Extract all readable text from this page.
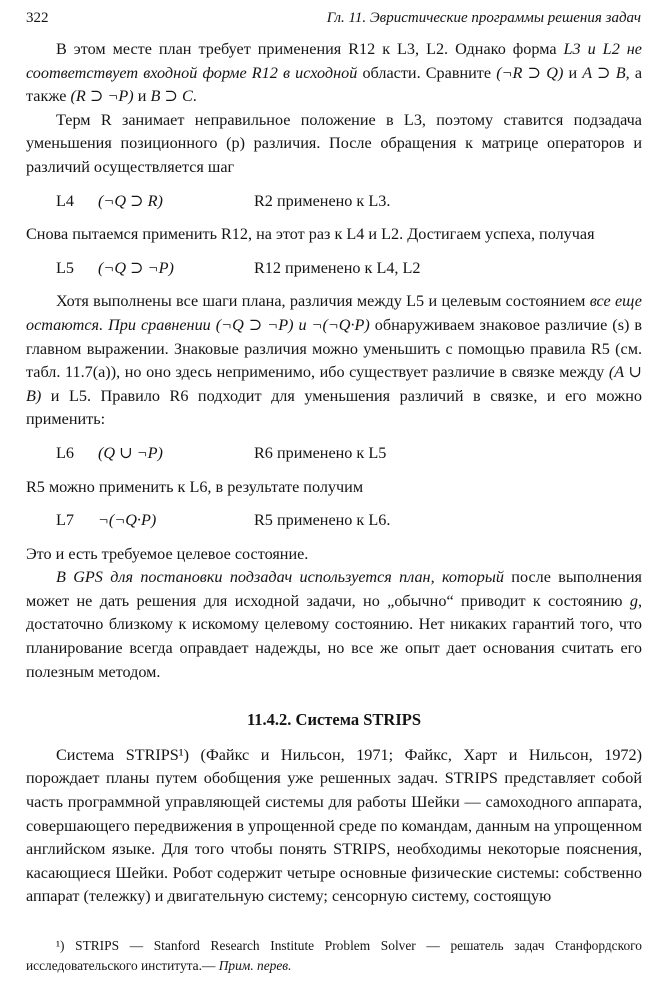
322	Гл. 11. Эвристические программы решения задач

В этом месте план требует применения R12 к L3, L2. Однако форма L3 и L2 не соответствует входной форме R12 в исходной области. Сравните (¬R ⊃ Q) и A ⊃ B, а также (R ⊃ ¬P) и B ⊃ C.

Терм R занимает неправильное положение в L3, поэтому ставится подзадача уменьшения позиционного (p) различия. После обращения к матрице операторов и различий осуществляется шаг

L4	(¬Q ⊃ R)	R2 применено к L3.

Снова пытаемся применить R12, на этот раз к L4 и L2. Достигаем успеха, получая

L5	(¬Q ⊃ ¬P)	R12 применено к L4, L2

Хотя выполнены все шаги плана, различия между L5 и целевым состоянием все еще остаются. При сравнении (¬Q ⊃ ¬P) и ¬(¬Q·P) обнаруживаем знаковое различие (s) в главном выражении. Знаковые различия можно уменьшить с помощью правила R5 (см. табл. 11.7(а)), но оно здесь неприменимо, ибо существует различие в связке между (A ∪ B) и L5. Правило R6 подходит для уменьшения различий в связке, и его можно применить:

L6	(Q ∪ ¬P)	R6 применено к L5

R5 можно применить к L6, в результате получим

L7	¬(¬Q·P)	R5 применено к L6.

Это и есть требуемое целевое состояние.

В GPS для постановки подзадач используется план, который после выполнения может не дать решения для исходной задачи, но „обычно“ приводит к состоянию g, достаточно близкому к искомому целевому состоянию. Нет никаких гарантий того, что планирование всегда оправдает надежды, но все же опыт дает основания считать его полезным методом.

11.4.2. Система STRIPS

Система STRIPS¹) (Файкс и Нильсон, 1971; Файкс, Харт и Нильсон, 1972) порождает планы путем обобщения уже решенных задач. STRIPS представляет собой часть программной управляющей системы для работы Шейки — самоходного аппарата, совершающего передвижения в упрощенной среде по командам, данным на упрощенном английском языке. Для того чтобы понять STRIPS, необходимы некоторые пояснения, касающиеся Шейки. Робот содержит четыре основные физические системы: собственно аппарат (тележку) и двигательную систему; сенсорную систему, состоящую

¹) STRIPS — Stanford Research Institute Problem Solver — решатель задач Станфордского исследовательского института.— Прим. перев.
